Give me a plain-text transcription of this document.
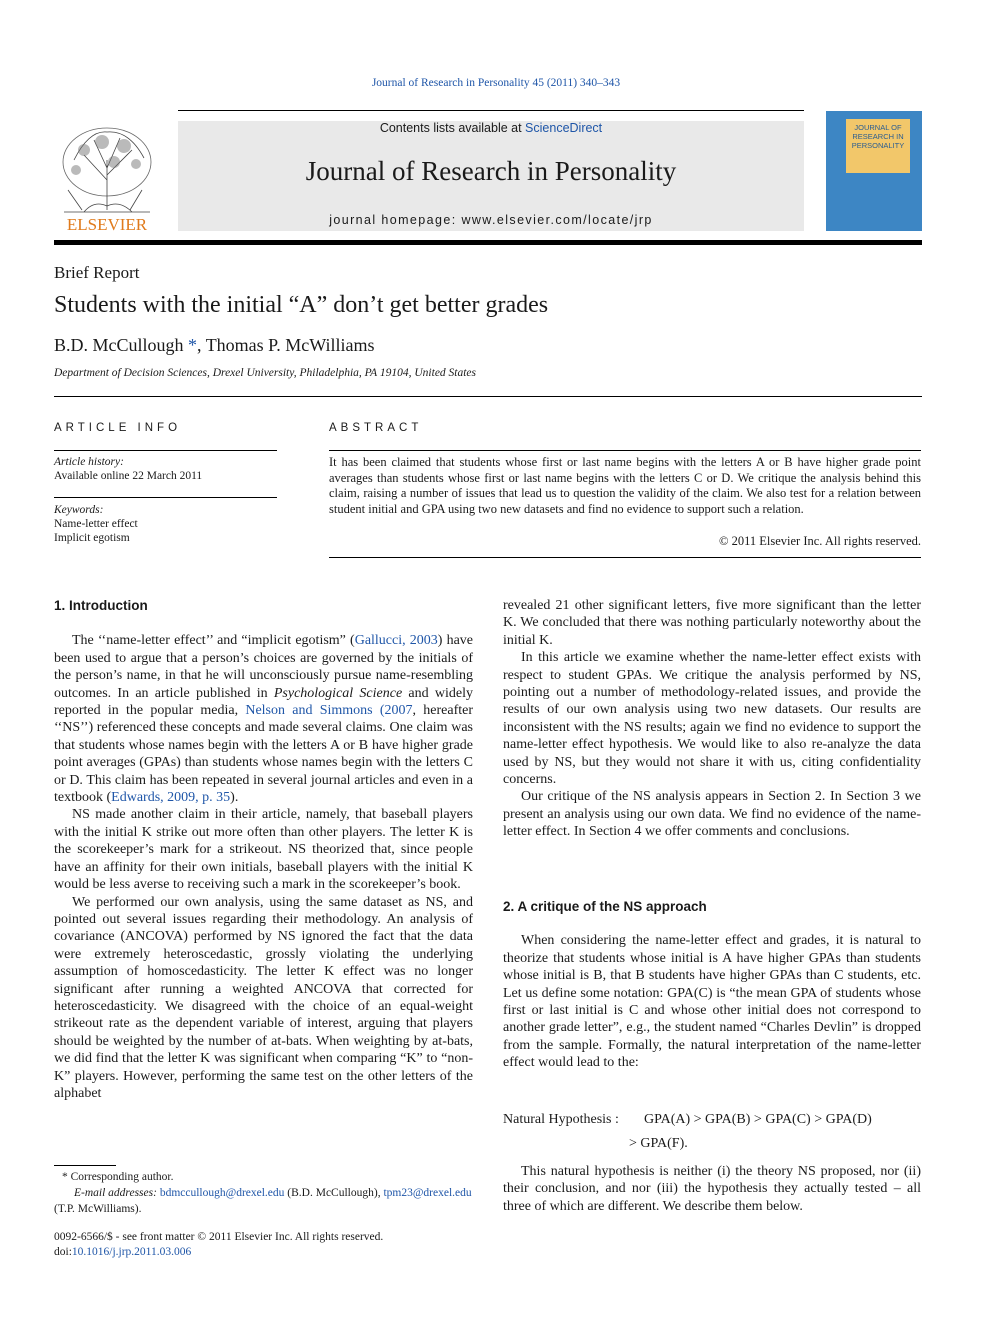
Journal of Research in Personality 45 (2011) 340–343
ELSEVIER
Contents lists available at ScienceDirect
Journal of Research in Personality
journal homepage: www.elsevier.com/locate/jrp
JOURNAL OF RESEARCH IN PERSONALITY
Brief Report
Students with the initial “A” don’t get better grades
B.D. McCullough *, Thomas P. McWilliams
Department of Decision Sciences, Drexel University, Philadelphia, PA 19104, United States
ARTICLE INFO
Article history:
Available online 22 March 2011
Keywords:
Name-letter effect
Implicit egotism
ABSTRACT
It has been claimed that students whose first or last name begins with the letters A or B have higher grade point averages than students whose first or last name begins with the letters C or D. We critique the analysis behind this claim, raising a number of issues that lead us to question the validity of the claim. We also test for a relation between student initial and GPA using two new datasets and find no evidence to support such a relation.
© 2011 Elsevier Inc. All rights reserved.
1. Introduction

The ‘‘name-letter effect’’ and “implicit egotism” (Gallucci, 2003) have been used to argue that a person’s choices are governed by the initials of the person’s name, in that he will unconsciously pursue name-resembling outcomes. In an article published in Psychological Science and widely reported in the popular media, Nelson and Simmons (2007, hereafter ‘‘NS’’) referenced these concepts and made several claims. One claim was that students whose names begin with the letters A or B have higher grade point averages (GPAs) than students whose names begin with the letters C or D. This claim has been repeated in several journal articles and even in a textbook (Edwards, 2009, p. 35).

NS made another claim in their article, namely, that baseball players with the initial K strike out more often than other players. The letter K is the scorekeeper’s mark for a strikeout. NS theorized that, since people have an affinity for their own initials, baseball players with the initial K would be less averse to receiving such a mark in the scorekeeper’s book.

We performed our own analysis, using the same dataset as NS, and pointed out several issues regarding their methodology. An analysis of covariance (ANCOVA) performed by NS ignored the fact that the data were extremely heteroscedastic, grossly violating the underlying assumption of homoscedasticity. The letter K effect was no longer significant after running a weighted ANCOVA that corrected for heteroscedasticity. We disagreed with the choice of an equal-weight strikeout rate as the dependent variable of interest, arguing that players should be weighted by the number of at-bats. When weighting by at-bats, we did find that the letter K was significant when comparing “K” to “non-K” players. However, performing the same test on the other letters of the alphabet

revealed 21 other significant letters, five more significant than the letter K. We concluded that there was nothing particularly noteworthy about the initial K.

In this article we examine whether the name-letter effect exists with respect to student GPAs. We critique the analysis performed by NS, pointing out a number of methodology-related issues, and provide the results of our own analysis using two new datasets. Our results are inconsistent with the NS results; again we find no evidence to support the name-letter effect hypothesis. We would like to also re-analyze the data used by NS, but they would not share it with us, citing confidentiality concerns.

Our critique of the NS analysis appears in Section 2. In Section 3 we present an analysis using our own data. We find no evidence of the name-letter effect. In Section 4 we offer comments and conclusions.

2. A critique of the NS approach

When considering the name-letter effect and grades, it is natural to theorize that students whose initial is A have higher GPAs than students whose initial is B, that B students have higher GPAs than C students, etc. Let us define some notation: GPA(C) is “the mean GPA of students whose first or last initial is C and whose other initial does not correspond to another grade letter”, e.g., the student named “Charles Devlin” is dropped from the sample. Formally, the natural interpretation of the name-letter effect would lead to the:

Natural Hypothesis : GPA(A) > GPA(B) > GPA(C) > GPA(D)
> GPA(F).

This natural hypothesis is neither (i) the theory NS proposed, nor (ii) their conclusion, and nor (iii) the hypothesis they actually tested – all three of which are different. We describe them below.

* Corresponding author.
E-mail addresses: bdmccullough@drexel.edu (B.D. McCullough), tpm23@drexel.edu (T.P. McWilliams).
0092-6566/$ - see front matter © 2011 Elsevier Inc. All rights reserved.
doi:10.1016/j.jrp.2011.03.006
